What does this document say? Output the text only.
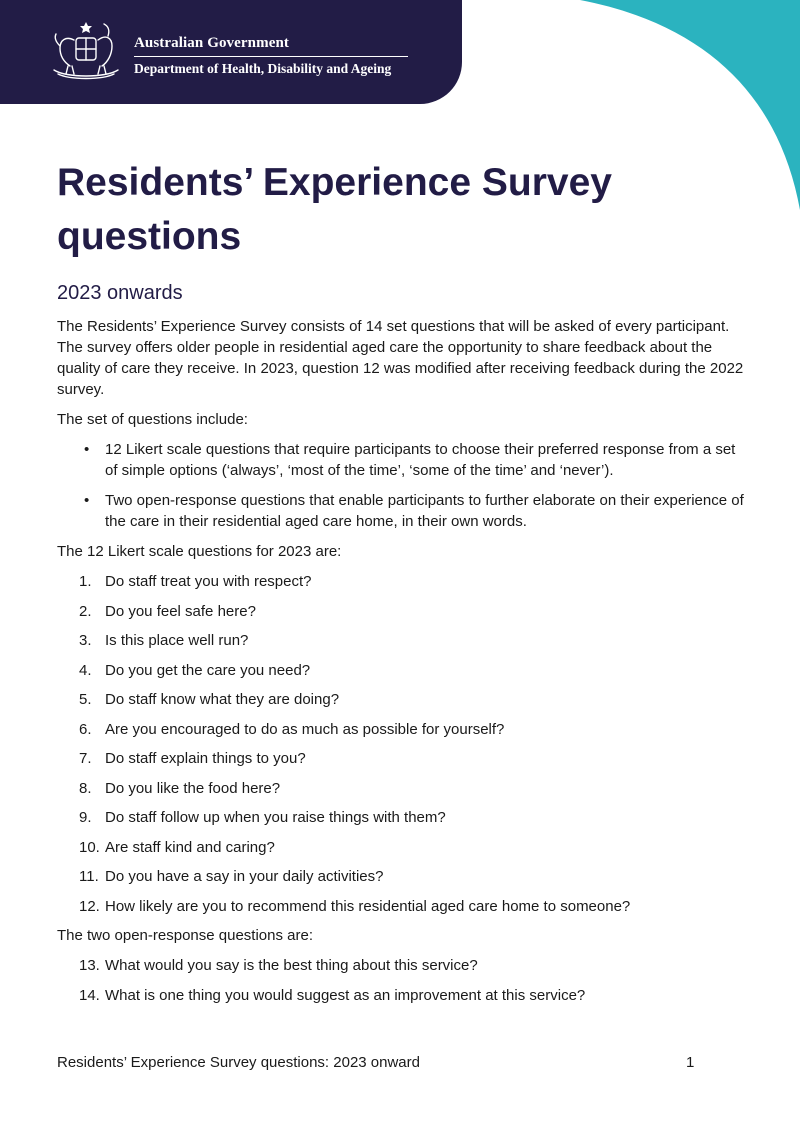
Australian Government
Department of Health, Disability and Ageing
Residents’ Experience Survey questions
2023 onwards

The Residents’ Experience Survey consists of 14 set questions that will be asked of every participant. The survey offers older people in residential aged care the opportunity to share feedback about the quality of care they receive. In 2023, question 12 was modified after receiving feedback during the 2022 survey.

The set of questions include:

• 12 Likert scale questions that require participants to choose their preferred response from a set of simple options (‘always’, ‘most of the time’, ‘some of the time’ and ‘never’).
• Two open-response questions that enable participants to further elaborate on their experience of the care in their residential aged care home, in their own words.

The 12 Likert scale questions for 2023 are:

1. Do staff treat you with respect?
2. Do you feel safe here?
3. Is this place well run?
4. Do you get the care you need?
5. Do staff know what they are doing?
6. Are you encouraged to do as much as possible for yourself?
7. Do staff explain things to you?
8. Do you like the food here?
9. Do staff follow up when you raise things with them?
10. Are staff kind and caring?
11. Do you have a say in your daily activities?
12. How likely are you to recommend this residential aged care home to someone?

The two open-response questions are:

13. What would you say is the best thing about this service?
14. What is one thing you would suggest as an improvement at this service?
Residents’ Experience Survey questions: 2023 onward	1
